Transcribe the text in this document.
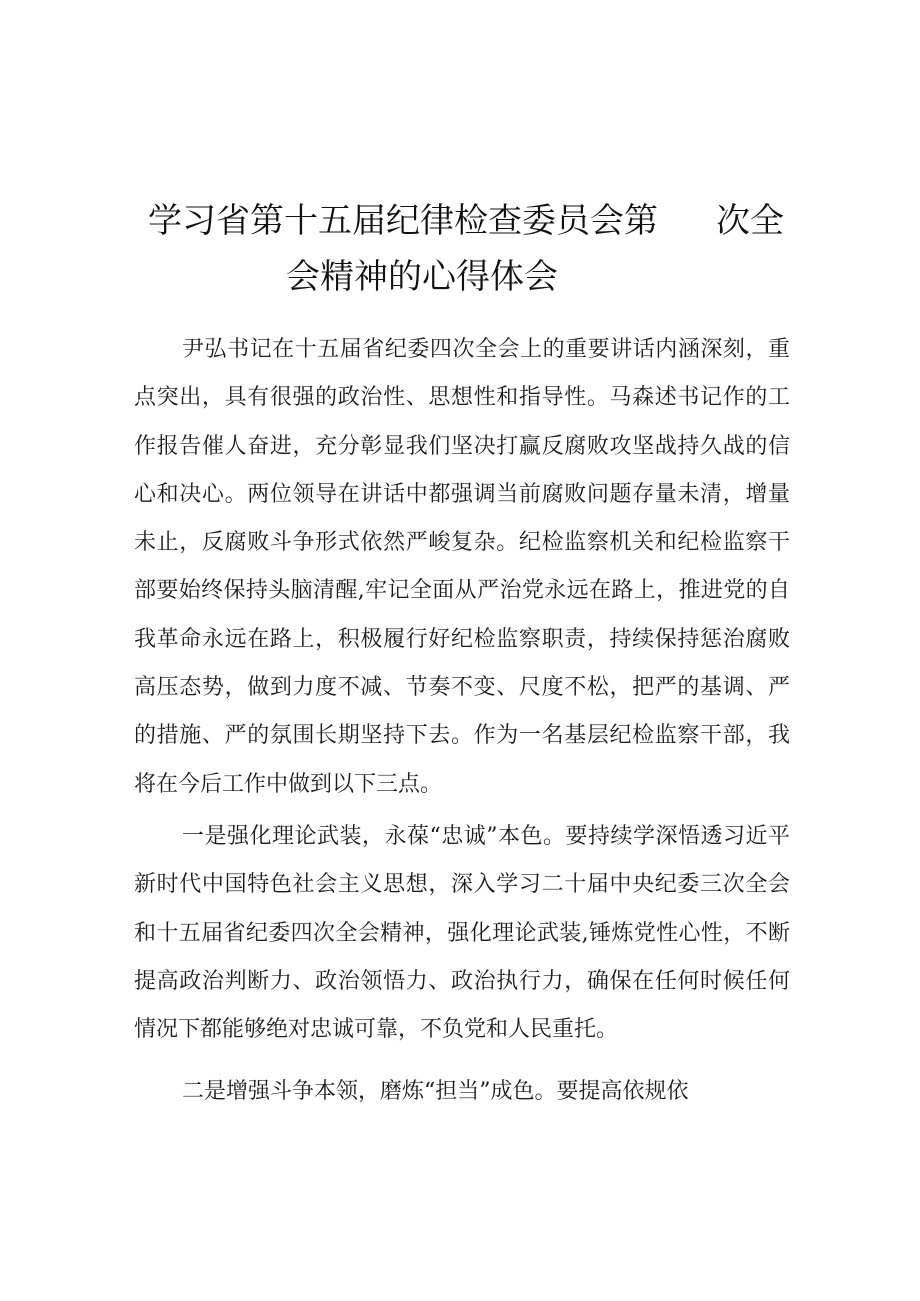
学习省第十五届纪律检查委员会第 次全
会精神的心得体会

尹弘书记在十五届省纪委四次全会上的重要讲话内涵深刻，重点突出，具有很强的政治性、思想性和指导性。马森述书记作的工作报告催人奋进，充分彰显我们坚决打赢反腐败攻坚战持久战的信心和决心。两位领导在讲话中都强调当前腐败问题存量未清，增量未止，反腐败斗争形式依然严峻复杂。纪检监察机关和纪检监察干部要始终保持头脑清醒,牢记全面从严治党永远在路上，推进党的自我革命永远在路上，积极履行好纪检监察职责，持续保持惩治腐败高压态势，做到力度不减、节奏不变、尺度不松，把严的基调、严的措施、严的氛围长期坚持下去。作为一名基层纪检监察干部，我将在今后工作中做到以下三点。

一是强化理论武装，永葆“忠诚”本色。要持续学深悟透习近平新时代中国特色社会主义思想，深入学习二十届中央纪委三次全会和十五届省纪委四次全会精神，强化理论武装,锤炼党性心性，不断提高政治判断力、政治领悟力、政治执行力，确保在任何时候任何情况下都能够绝对忠诚可靠，不负党和人民重托。

二是增强斗争本领，磨炼“担当”成色。要提高依规依
